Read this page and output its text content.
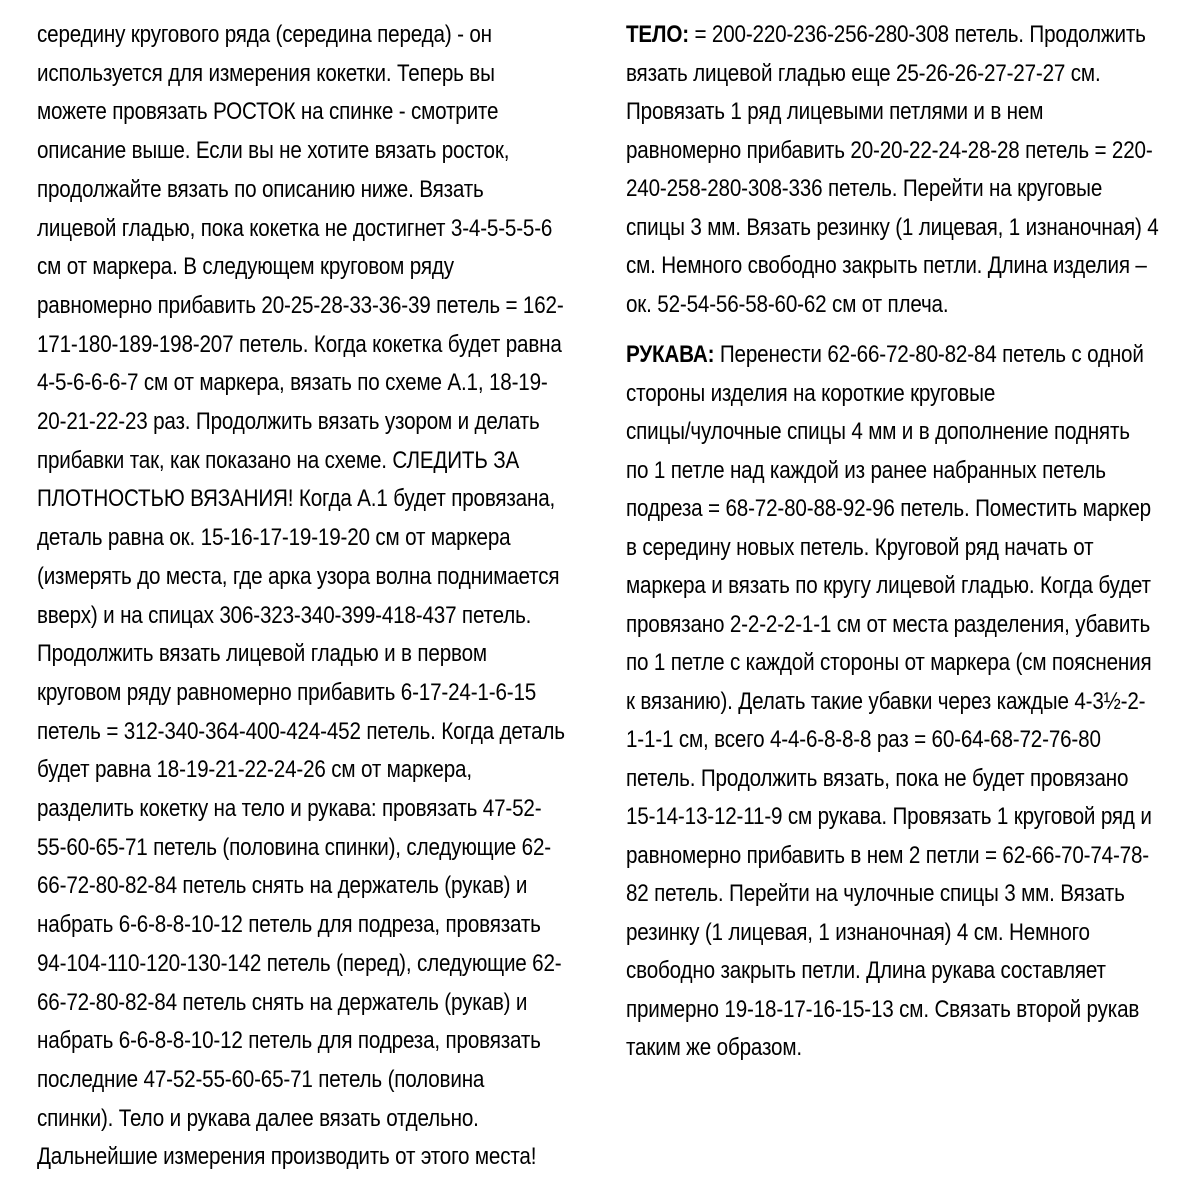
середину кругового ряда (середина переда) - он
используется для измерения кокетки. Теперь вы
можете провязать РОСТОК на спинке - смотрите
описание выше. Если вы не хотите вязать росток,
продолжайте вязать по описанию ниже. Вязать
лицевой гладью, пока кокетка не достигнет 3-4-5-5-5-6
см от маркера. В следующем круговом ряду
равномерно прибавить 20-25-28-33-36-39 петель = 162-
171-180-189-198-207 петель. Когда кокетка будет равна
4-5-6-6-6-7 см от маркера, вязать по схеме А.1, 18-19-
20-21-22-23 раз. Продолжить вязать узором и делать
прибавки так, как показано на схеме. СЛЕДИТЬ ЗА
ПЛОТНОСТЬЮ ВЯЗАНИЯ! Когда А.1 будет провязана,
деталь равна ок. 15-16-17-19-19-20 см от маркера
(измерять до места, где арка узора волна поднимается
вверх) и на спицах 306-323-340-399-418-437 петель.
Продолжить вязать лицевой гладью и в первом
круговом ряду равномерно прибавить 6-17-24-1-6-15
петель = 312-340-364-400-424-452 петель. Когда деталь
будет равна 18-19-21-22-24-26 см от маркера,
разделить кокетку на тело и рукава: провязать 47-52-
55-60-65-71 петель (половина спинки), следующие 62-
66-72-80-82-84 петель снять на держатель (рукав) и
набрать 6-6-8-8-10-12 петель для подреза, провязать
94-104-110-120-130-142 петель (перед), следующие 62-
66-72-80-82-84 петель снять на держатель (рукав) и
набрать 6-6-8-8-10-12 петель для подреза, провязать
последние 47-52-55-60-65-71 петель (половина
спинки). Тело и рукава далее вязать отдельно.
Дальнейшие измерения производить от этого места!
ТЕЛО: = 200-220-236-256-280-308 петель. Продолжить
вязать лицевой гладью еще 25-26-26-27-27-27 см.
Провязать 1 ряд лицевыми петлями и в нем
равномерно прибавить 20-20-22-24-28-28 петель = 220-
240-258-280-308-336 петель. Перейти на круговые
спицы 3 мм. Вязать резинку (1 лицевая, 1 изнаночная) 4
см. Немного свободно закрыть петли. Длина изделия –
ок. 52-54-56-58-60-62 см от плеча.
РУКАВА: Перенести 62-66-72-80-82-84 петель с одной
стороны изделия на короткие круговые
спицы/чулочные спицы 4 мм и в дополнение поднять
по 1 петле над каждой из ранее набранных петель
подреза = 68-72-80-88-92-96 петель. Поместить маркер
в середину новых петель. Круговой ряд начать от
маркера и вязать по кругу лицевой гладью. Когда будет
провязано 2-2-2-2-1-1 см от места разделения, убавить
по 1 петле с каждой стороны от маркера (см пояснения
к вязанию). Делать такие убавки через каждые 4-3½-2-
1-1-1 см, всего 4-4-6-8-8-8 раз = 60-64-68-72-76-80
петель. Продолжить вязать, пока не будет провязано
15-14-13-12-11-9 см рукава. Провязать 1 круговой ряд и
равномерно прибавить в нем 2 петли = 62-66-70-74-78-
82 петель. Перейти на чулочные спицы 3 мм. Вязать
резинку (1 лицевая, 1 изнаночная) 4 см. Немного
свободно закрыть петли. Длина рукава составляет
примерно 19-18-17-16-15-13 см. Связать второй рукав
таким же образом.
